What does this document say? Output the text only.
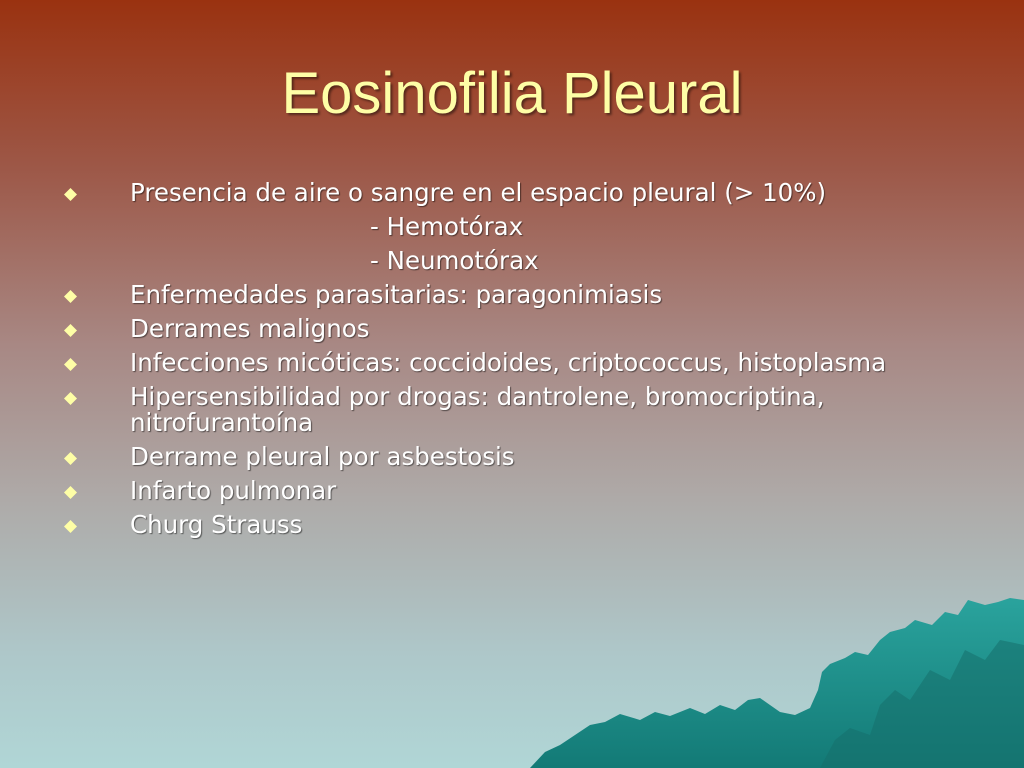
Eosinofilia Pleural
Presencia de aire o sangre en el espacio pleural (> 10%)
- Hemotórax
- Neumotórax
Enfermedades parasitarias: paragonimiasis
Derrames malignos
Infecciones micóticas: coccidoides, criptococcus, histoplasma
Hipersensibilidad por drogas: dantrolene, bromocriptina, nitrofurantoína
Derrame pleural por asbestosis
Infarto pulmonar
Churg Strauss
